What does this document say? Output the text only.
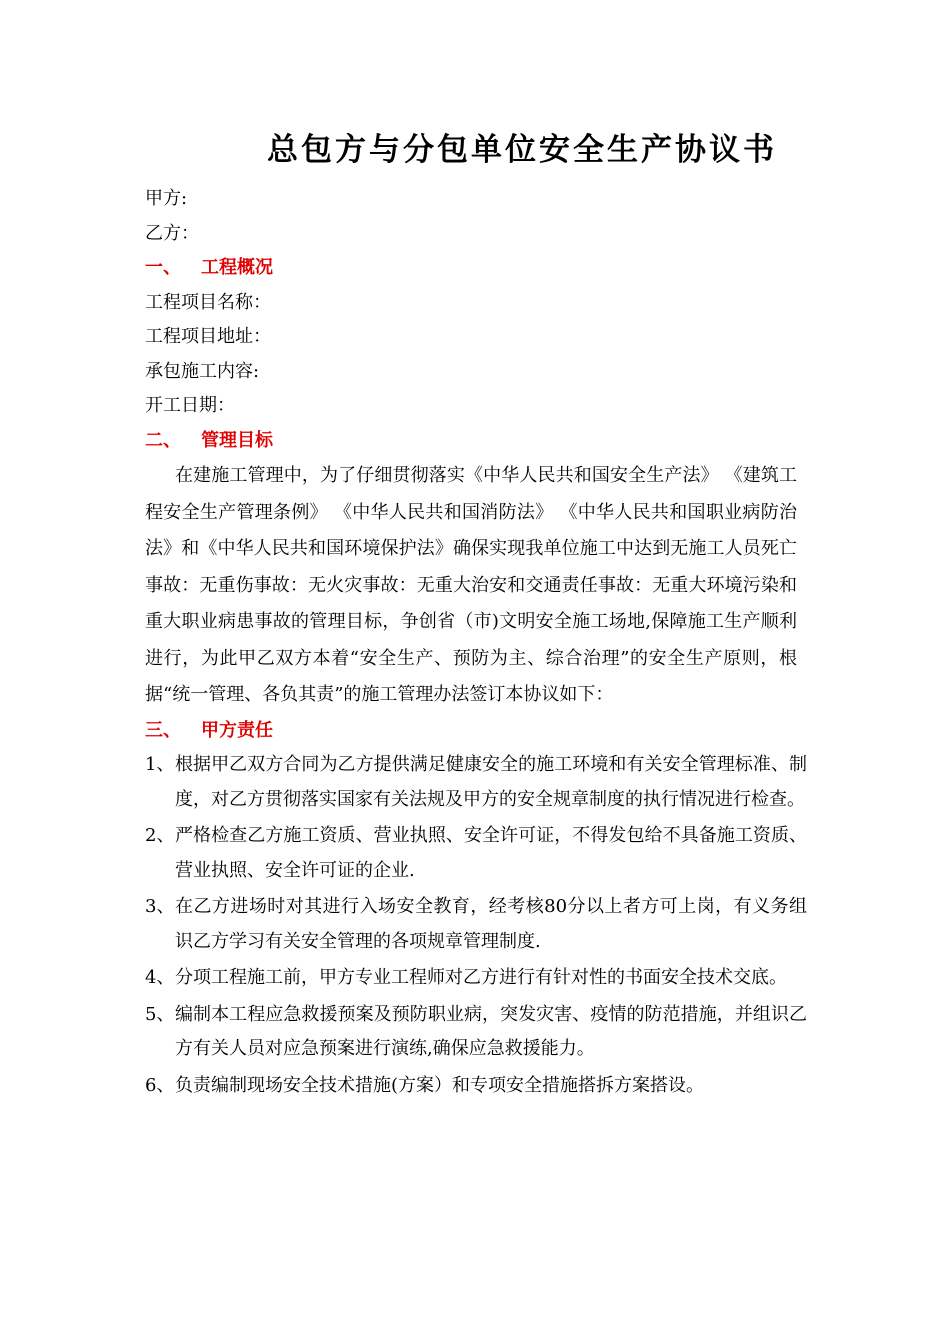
总包方与分包单位安全生产协议书
甲方:
乙方：
一、 工程概况
工程项目名称：
工程项目地址：
承包施工内容:
开工日期：
二、 管理目标

在建施工管理中，为了仔细贯彻落实《中华人民共和国安全生产法》 《建筑工程安全生产管理条例》 《中华人民共和国消防法》 《中华人民共和国职业病防治法》和《中华人民共和国环境保护法》确保实现我单位施工中达到无施工人员死亡事故：无重伤事故：无火灾事故：无重大治安和交通责任事故：无重大环境污染和重大职业病患事故的管理目标，争创省（市)文明安全施工场地,保障施工生产顺利进行，为此甲乙双方本着“安全生产、预防为主、综合治理”的安全生产原则，根据“统一管理、各负其责”的施工管理办法签订本协议如下：

三、 甲方责任
1、 根据甲乙双方合同为乙方提供满足健康安全的施工环境和有关安全管理标准、制度，对乙方贯彻落实国家有关法规及甲方的安全规章制度的执行情况进行检查。
2、 严格检查乙方施工资质、营业执照、安全许可证，不得发包给不具备施工资质、营业执照、安全许可证的企业.
3、 在乙方进场时对其进行入场安全教育，经考核80分以上者方可上岗，有义务组识乙方学习有关安全管理的各项规章管理制度.
4、 分项工程施工前，甲方专业工程师对乙方进行有针对性的书面安全技术交底。
5、 编制本工程应急救援预案及预防职业病，突发灾害、疫情的防范措施，并组识乙方有关人员对应急预案进行演练,确保应急救援能力。
6、 负责编制现场安全技术措施(方案）和专项安全措施搭拆方案搭设。
